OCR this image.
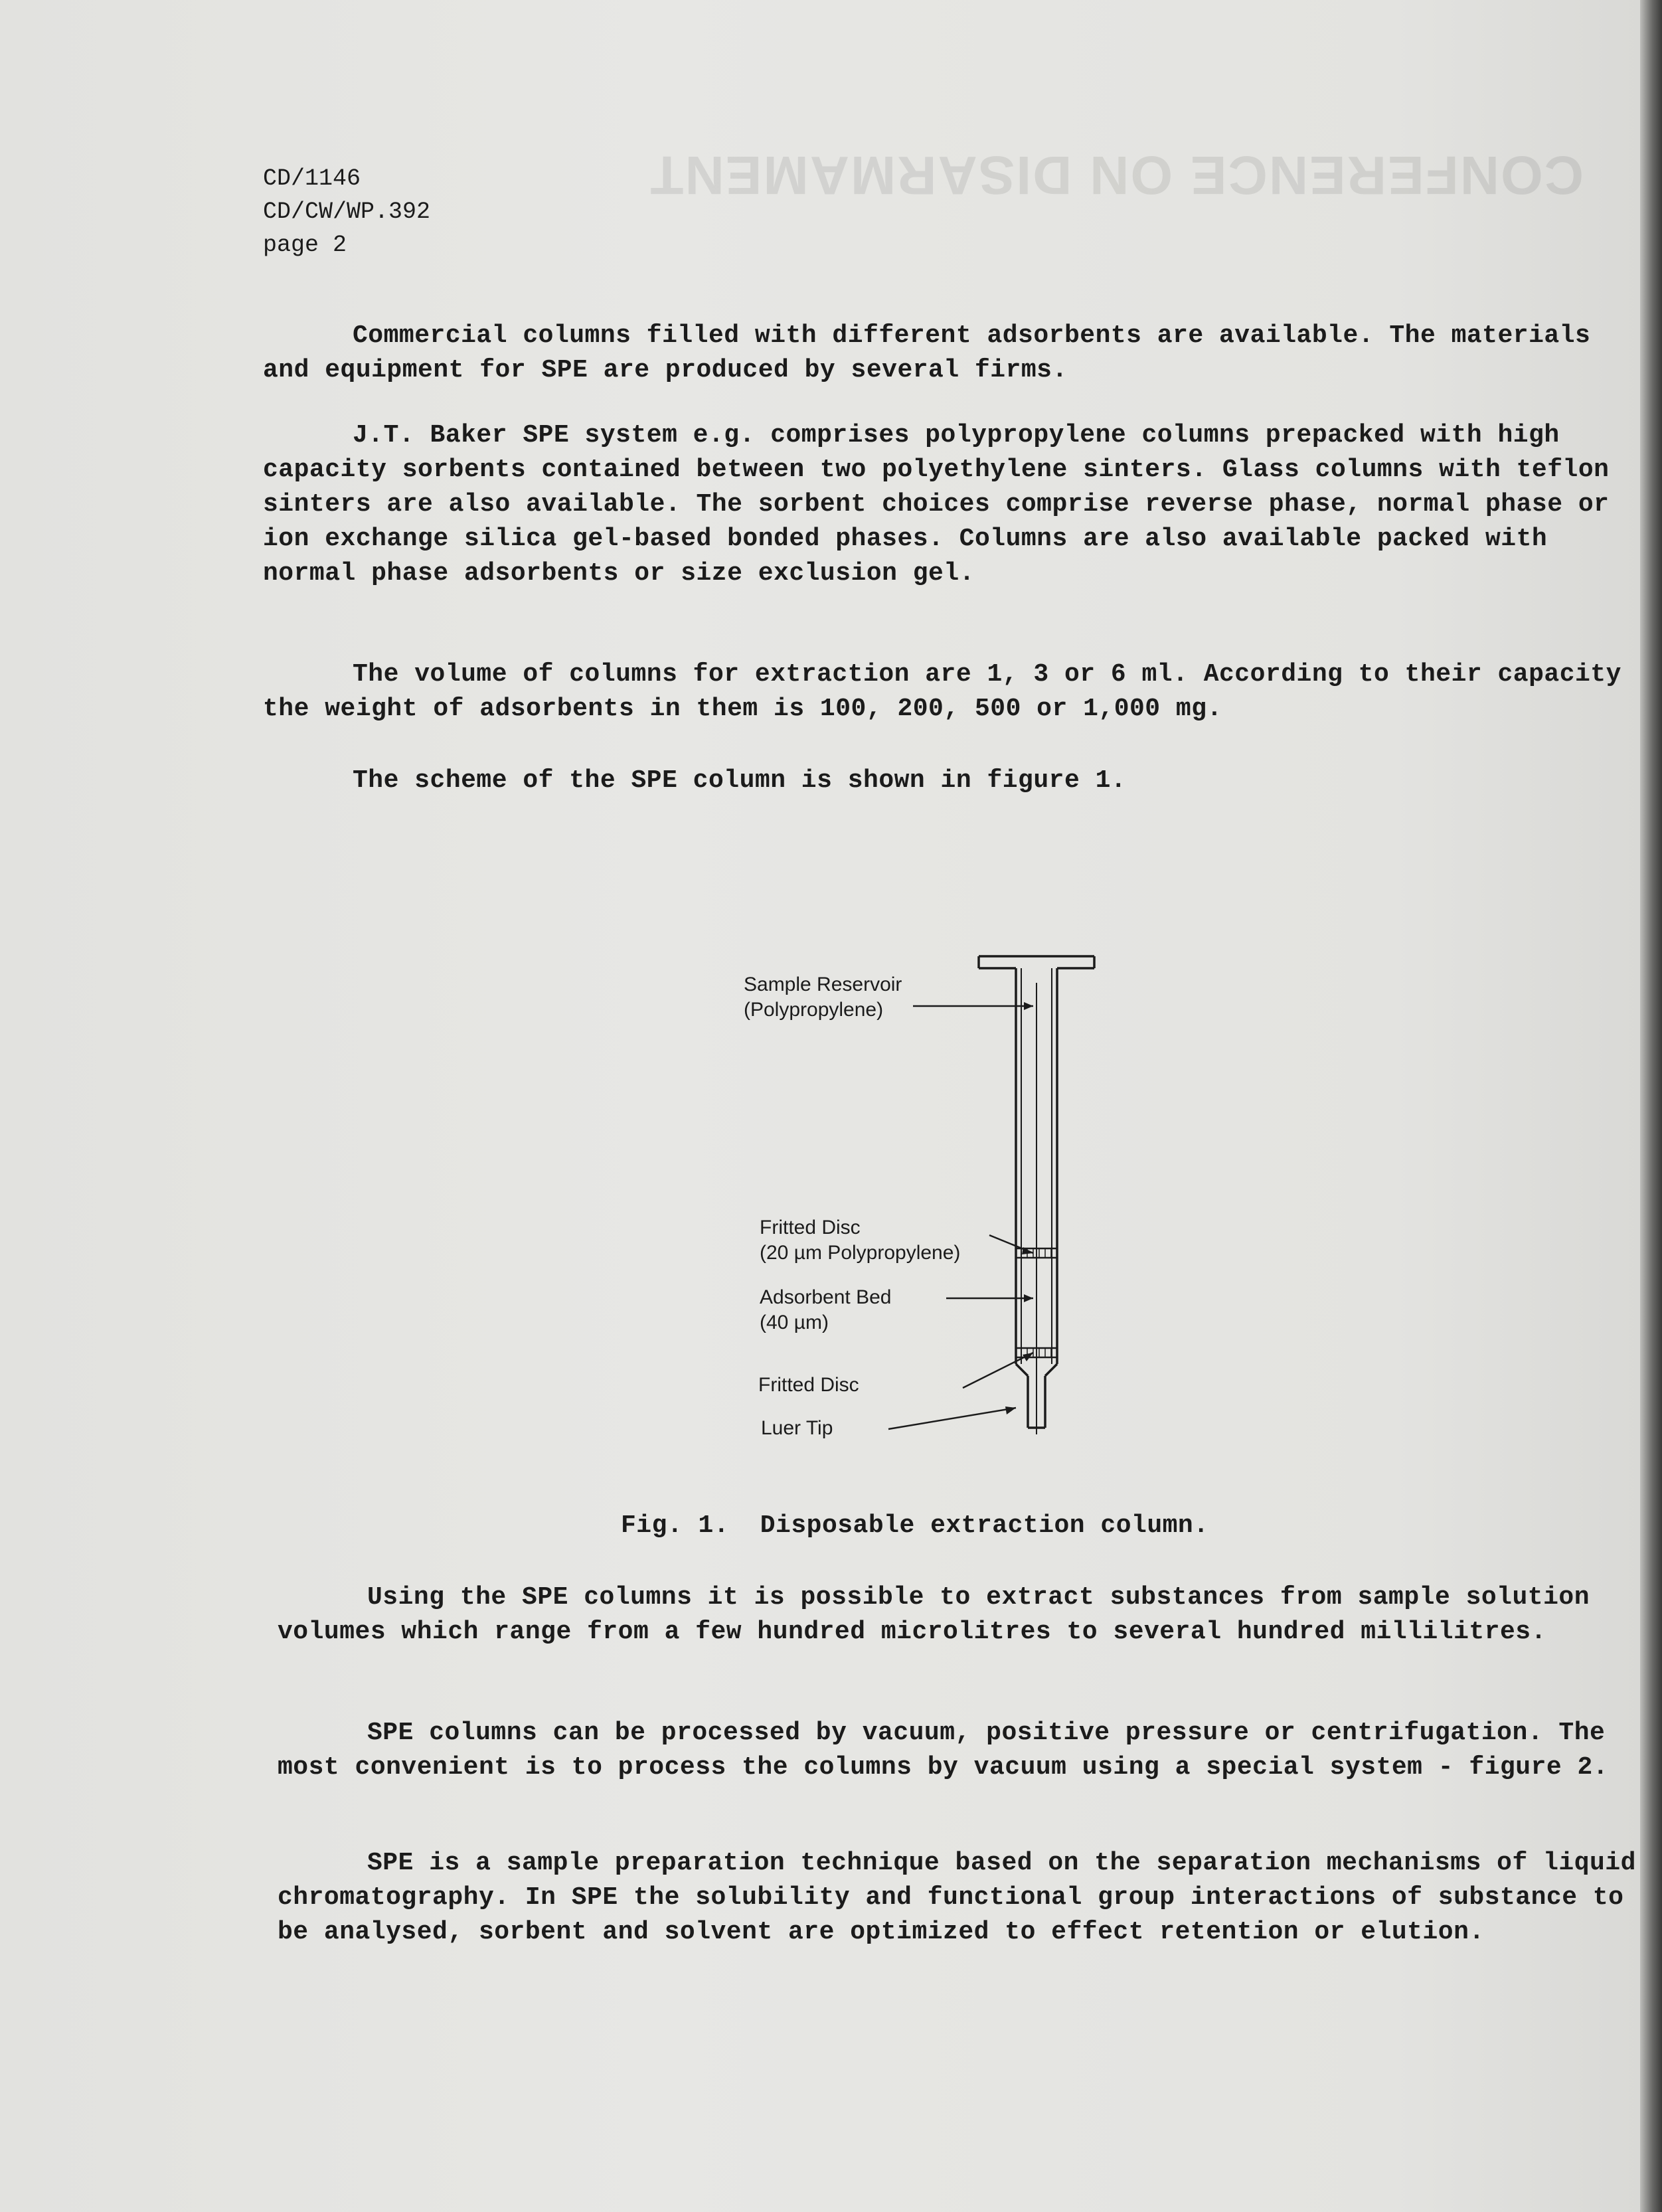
CONFERENCE ON DISARMAMENT
CD/1146
CD/CW/WP.392
page 2

Commercial columns filled with different adsorbents are available. The materials and equipment for SPE are produced by several firms.

J.T. Baker SPE system e.g. comprises polypropylene columns prepacked with high capacity sorbents contained between two polyethylene sinters. Glass columns with teflon sinters are also available. The sorbent choices comprise reverse phase, normal phase or ion exchange silica gel-based bonded phases. Columns are also available packed with normal phase adsorbents or size exclusion gel.

The volume of columns for extraction are 1, 3 or 6 ml. According to their capacity the weight of adsorbents in them is 100, 200, 500 or 1,000 mg.

The scheme of the SPE column is shown in figure 1.

Sample Reservoir
(Polypropylene)
Fritted Disc
(20 µm Polypropylene)
Adsorbent Bed
(40 µm)
Fritted Disc
Luer Tip
Fig. 1.  Disposable extraction column.

Using the SPE columns it is possible to extract substances from sample solution volumes which range from a few hundred microlitres to several hundred millilitres.

SPE columns can be processed by vacuum, positive pressure or centrifugation. The most convenient is to process the columns by vacuum using a special system - figure 2.

SPE is a sample preparation technique based on the separation mechanisms of liquid chromatography. In SPE the solubility and functional group interactions of substance to be analysed, sorbent and solvent are optimized to effect retention or elution.
